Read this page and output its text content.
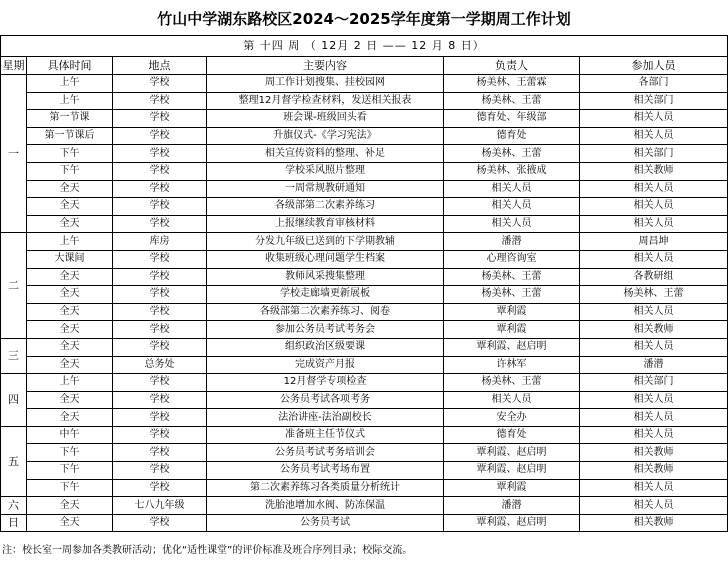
竹山中学湖东路校区2024～2025学年度第一学期周工作计划
第 十四 周 （ 12月 2 日 —— 12 月 8 日）					
星期	具体时间	地点	主要内容	负责人	参加人员
一	上午	学校	周工作计划搜集、挂校园网	杨美林、王蕾霖	各部门
	上午	学校	整理12月督学检查材料，发送相关报表	杨美林、王蕾	相关部门
	第一节课	学校	班会课-班级回头看	德育处、年级部	相关人员
	第一节课后	学校	升旗仪式-《学习宪法》	德育处	相关人员
	下午	学校	相关宣传资料的整理、补足	杨美林、王蕾	相关部门
	下午	学校	学校采风照片整理	杨美林、张掖成	相关教师
	全天	学校	一周常规教研通知	相关人员	相关人员
	全天	学校	各级部第二次素养练习	相关人员	相关人员
	全天	学校	上报继续教育审核材料	相关人员	相关人员
二	上午	库房	分发九年级已送到的下学期教辅	潘潜	周昌坤
	大课间	学校	收集班级心理问题学生档案	心理咨询室	相关人员
	全天	学校	教师风采搜集整理	杨美林、王蕾	各教研组
	全天	学校	学校走廊墙更新展板	杨美林、王蕾	杨美林、王蕾
	全天	学校	各级部第二次素养练习、阅卷	覃利霞	相关人员
	全天	学校	参加公务员考试考务会	覃利霞	相关教师
三	全天	学校	组织政治区级要课	覃利霞、赵启明	相关人员
	全天	总务处	完成资产月报	许林军	潘潜
四	上午	学校	12月督学专项检查	杨美林、王蕾	相关部门
	全天	学校	公务员考试各项考务	相关人员	相关人员
	全天	学校	法治讲座-法治副校长	安全办	相关人员
五	中午	学校	准备班主任节仪式	德育处	相关人员
	下午	学校	公务员考试考务培训会	覃利霞、赵启明	相关教师
	下午	学校	公务员考试考场布置	覃利霞、赵启明	相关教师
	下午	学校	第二次素养练习各类质量分析统计	覃利霞	相关人员
六	全天	七八九年级	洗胎池增加水阀、防冻保温	潘潜	相关人员
日	全天	学校	公务员考试	覃利霞、赵启明	相关教师
注：校长室一周参加各类教研活动；优化“适性课堂”的评价标准及班合序列目录；校际交流。
